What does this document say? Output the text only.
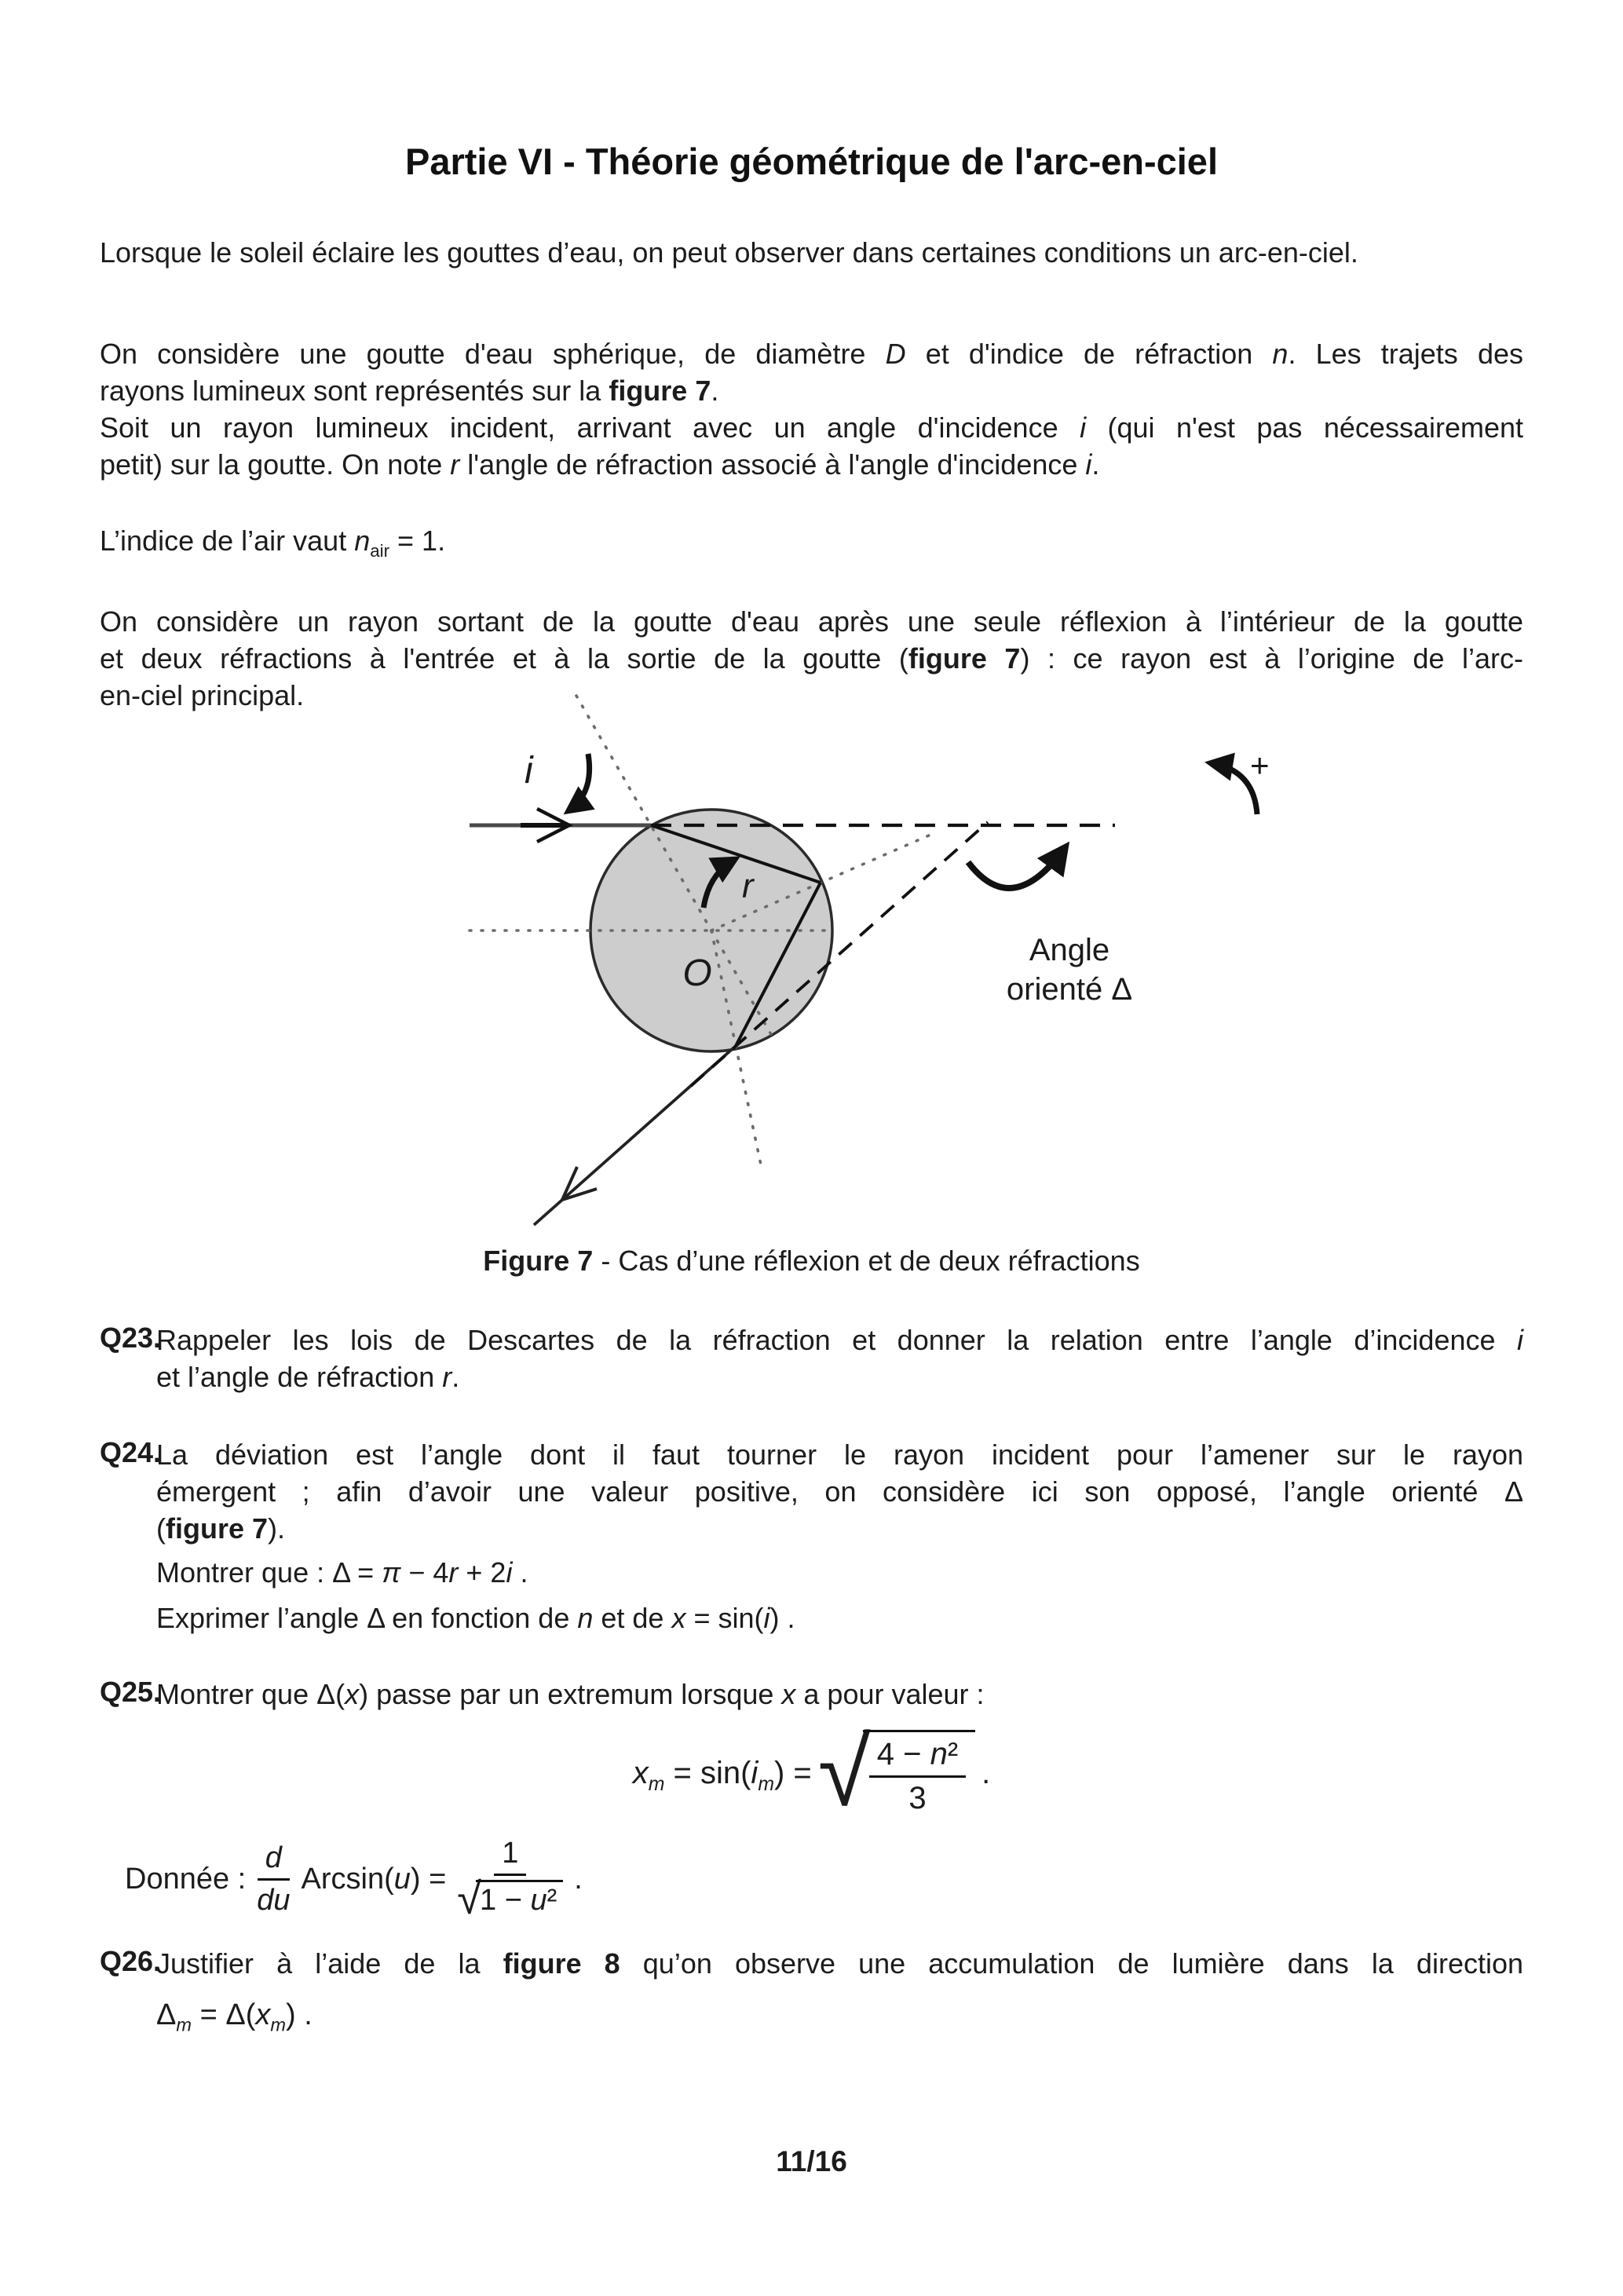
Partie VI - Théorie géométrique de l'arc-en-ciel
Lorsque le soleil éclaire les gouttes d’eau, on peut observer dans certaines conditions un arc-en-ciel.
On considère une goutte d'eau sphérique, de diamètre D et d'indice de réfraction n. Les trajets des
rayons lumineux sont représentés sur la figure 7.
Soit un rayon lumineux incident, arrivant avec un angle d'incidence i (qui n'est pas nécessairement
petit) sur la goutte. On note r l'angle de réfraction associé à l'angle d'incidence i.
L’indice de l’air vaut $n_{air} = 1$.
On considère un rayon sortant de la goutte d'eau après une seule réflexion à l’intérieur de la goutte
et deux réfractions à l'entrée et à la sortie de la goutte (figure 7) : ce rayon est à l’origine de l’arc-
en-ciel principal.
i
r
O
+
Angle
orienté Δ
Figure 7 - Cas d’une réflexion et de deux réfractions
Q23.
Rappeler les lois de Descartes de la réfraction et donner la relation entre l’angle d’incidence i
et l’angle de réfraction r.
Q24.
La déviation est l’angle dont il faut tourner le rayon incident pour l’amener sur le rayon
émergent ; afin d’avoir une valeur positive, on considère ici son opposé, l’angle orienté Δ
(figure 7).
Montrer que : Δ = π − 4r + 2i .
Exprimer l’angle Δ en fonction de n et de x = sin(i) .
Q25.
Montrer que Δ(x) passe par un extremum lorsque x a pour valeur :
$x_m = \sin(i_m)$ = √
$\frac{\text{4 − n²}}{3}$ .
Donnée : $\frac{d}{du} Arcsin(u) = 1$
√
1 − u² .
Q26.
Justifier à l’aide de la figure 8 qu’on observe une accumulation de lumière dans la direction
$\Delta_m = \Delta(x_m)$ .
11/16
